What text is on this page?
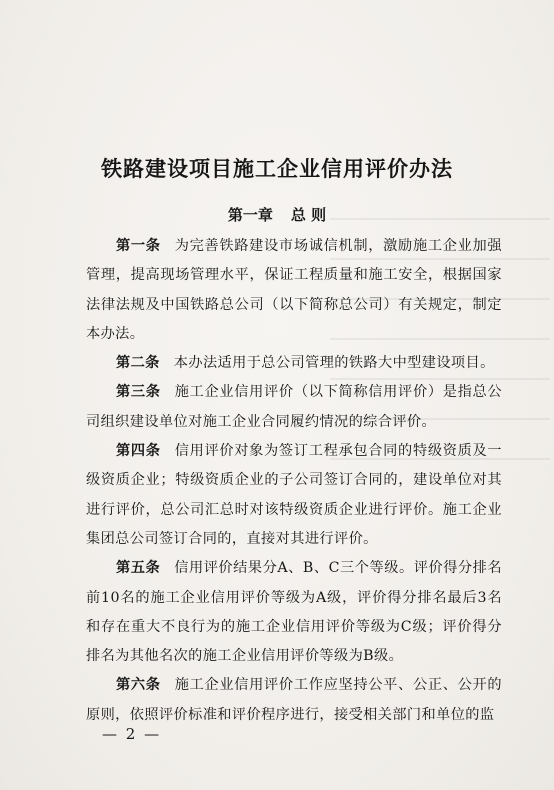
铁路建设项目施工企业信用评价办法
第一章 总 则

第一条 为完善铁路建设市场诚信机制，激励施工企业加强管理，提高现场管理水平，保证工程质量和施工安全，根据国家法律法规及中国铁路总公司（以下简称总公司）有关规定，制定本办法。

第二条 本办法适用于总公司管理的铁路大中型建设项目。

第三条 施工企业信用评价（以下简称信用评价）是指总公司组织建设单位对施工企业合同履约情况的综合评价。

第四条 信用评价对象为签订工程承包合同的特级资质及一级资质企业；特级资质企业的子公司签订合同的，建设单位对其进行评价，总公司汇总时对该特级资质企业进行评价。施工企业集团总公司签订合同的，直接对其进行评价。

第五条 信用评价结果分A、B、C三个等级。评价得分排名前10名的施工企业信用评价等级为A级，评价得分排名最后3名和存在重大不良行为的施工企业信用评价等级为C级；评价得分排名为其他名次的施工企业信用评价等级为B级。

第六条 施工企业信用评价工作应坚持公平、公正、公开的原则，依照评价标准和评价程序进行，接受相关部门和单位的监

— 2 —
